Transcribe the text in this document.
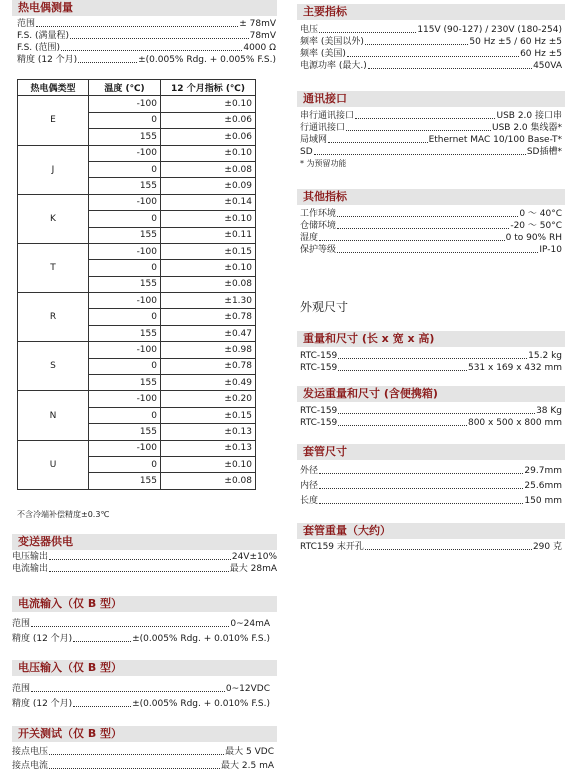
热电偶测量
范围	± 78mV
F.S. (满量程)	78mV
F.S. (范围)	4000 Ω
精度 (12 个月)	±(0.005% Rdg. + 0.005% F.S.)
热电偶类型	温度 (℃)	12 个月指标 (℃)
E	-100	±0.10
	0	±0.06
	155	±0.06
J	-100	±0.10
	0	±0.08
	155	±0.09
K	-100	±0.14
	0	±0.10
	155	±0.11
T	-100	±0.15
	0	±0.10
	155	±0.08
R	-100	±1.30
	0	±0.78
	155	±0.47
S	-100	±0.98
	0	±0.78
	155	±0.49
N	-100	±0.20
	0	±0.15
	155	±0.13
U	-100	±0.13
	0	±0.10
	155	±0.08
不含冷端补偿精度±0.3℃
变送器供电
电压输出	24V±10%
电流输出	最大 28mA
电流输入（仅 B 型）
范围	0~24mA
精度 (12 个月)	±(0.005% Rdg. + 0.010% F.S.)
电压输入（仅 B 型）
范围	0~12VDC
精度 (12 个月)	±(0.005% Rdg. + 0.010% F.S.)
开关测试（仅 B 型）
接点电压	最大 5 VDC
接点电流	最大 2.5 mA
主要指标
电压	115V (90-127) / 230V (180-254)
频率 (美国以外)	50 Hz ±5 / 60 Hz ±5
频率 (美国)	60 Hz ±5
电源功率 (最大.)	450VA
通讯接口
串行通讯接口	USB 2.0 接口串
行通讯接口	USB 2.0 集线器*
局域网	Ethernet MAC 10/100 Base-T*
SD	SD插槽*
* 为预留功能
其他指标
工作环境	0 ～ 40°C
仓储环境	-20 ～ 50°C
湿度	0 to 90% RH
保护等级	IP-10
外观尺寸
重量和尺寸 (长 x 宽 x 高)
RTC-159	15.2 kg
RTC-159	531 x 169 x 432 mm
发运重量和尺寸 (含便携箱)
RTC-159	38 Kg
RTC-159	800 x 500 x 800 mm
套管尺寸
外径	29.7mm
内径	25.6mm
长度	150 mm
套管重量（大约）
RTC159 末开孔	290 克
